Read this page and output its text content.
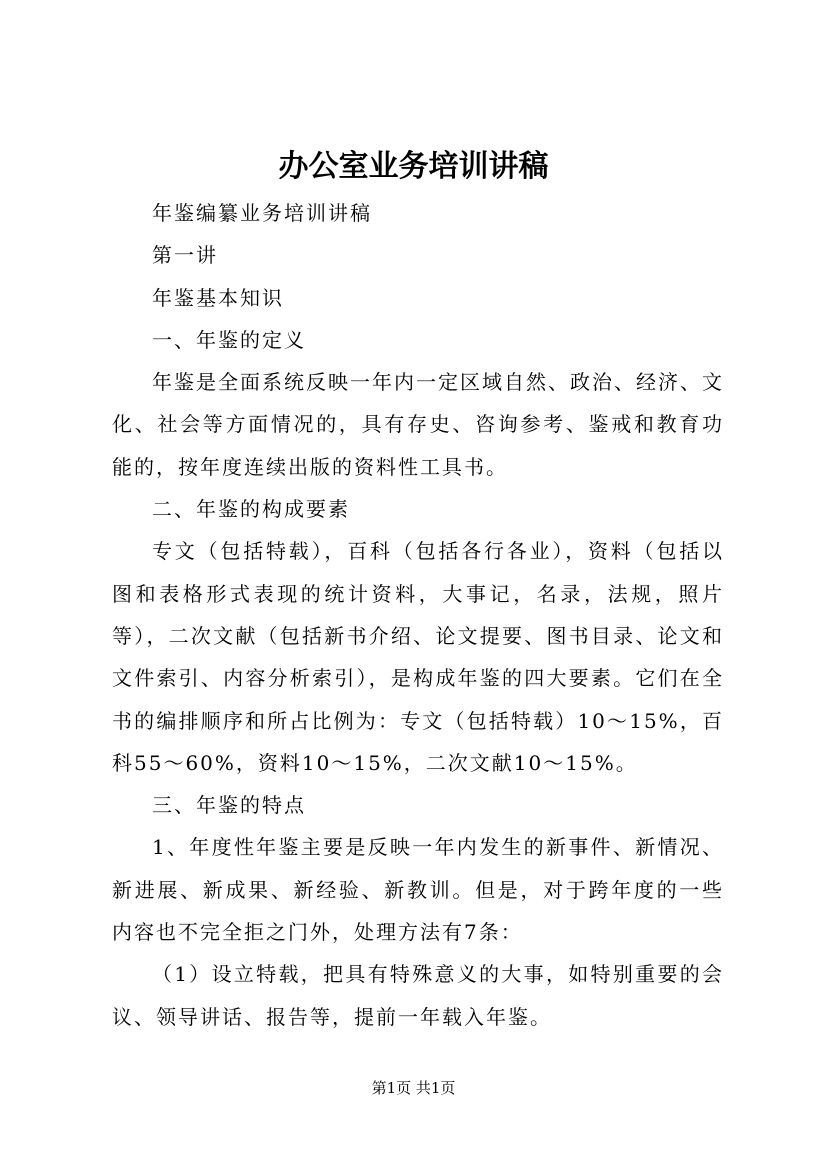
办公室业务培训讲稿

年鉴编纂业务培训讲稿

第一讲

年鉴基本知识

一、年鉴的定义

年鉴是全面系统反映一年内一定区域自然、政治、经济、文化、社会等方面情况的，具有存史、咨询参考、鉴戒和教育功能的，按年度连续出版的资料性工具书。

二、年鉴的构成要素

专文（包括特载），百科（包括各行各业），资料（包括以图和表格形式表现的统计资料，大事记，名录，法规，照片等），二次文献（包括新书介绍、论文提要、图书目录、论文和文件索引、内容分析索引），是构成年鉴的四大要素。它们在全书的编排顺序和所占比例为：专文（包括特载）10～15%，百科55～60%，资料10～15%，二次文献10～15%。

三、年鉴的特点

1、年度性年鉴主要是反映一年内发生的新事件、新情况、新进展、新成果、新经验、新教训。但是，对于跨年度的一些内容也不完全拒之门外，处理方法有7条：

（1）设立特载，把具有特殊意义的大事，如特别重要的会议、领导讲话、报告等，提前一年载入年鉴。

第1页 共1页
